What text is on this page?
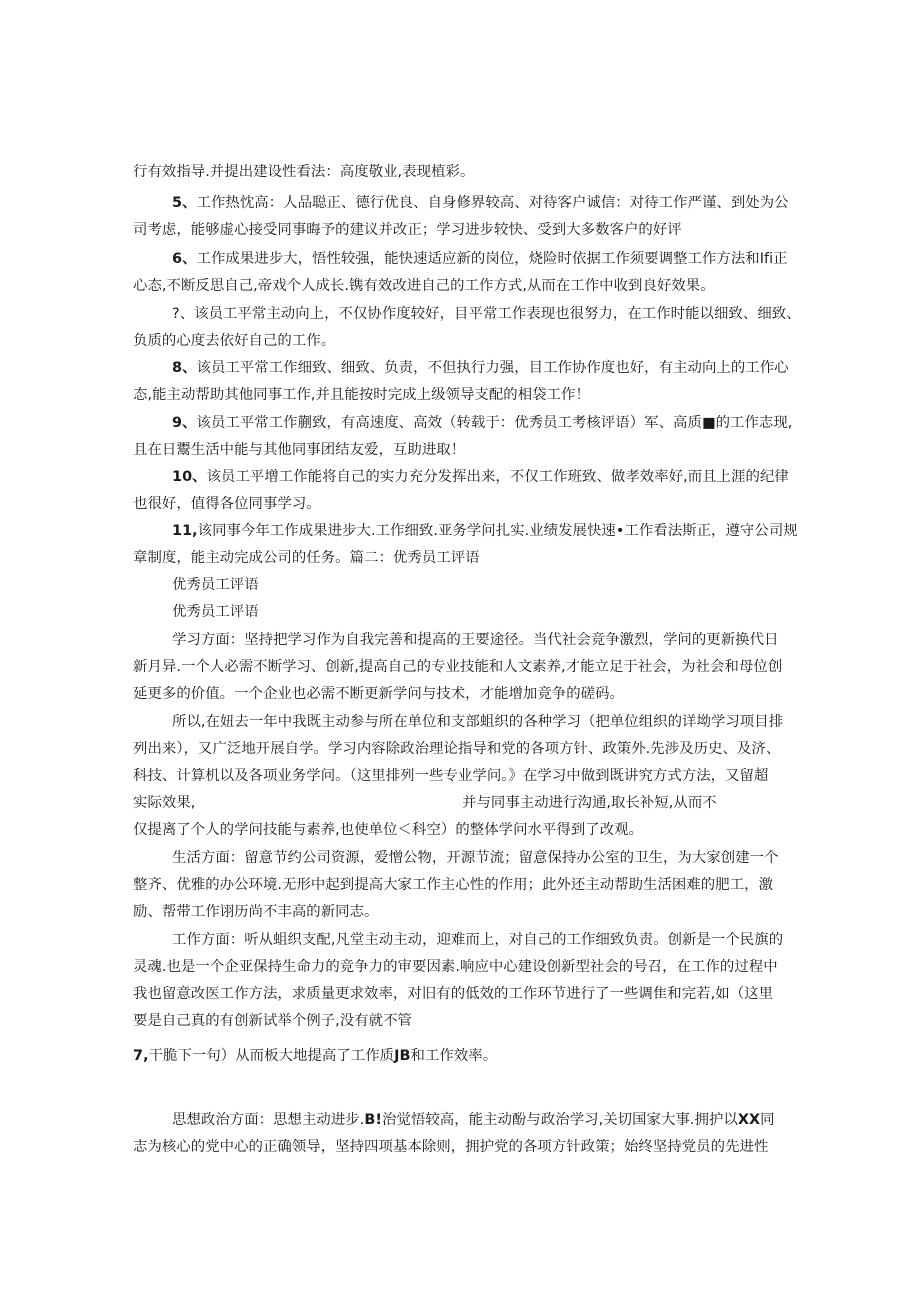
行有效指导.并提出建设性看法：高度敬业,表现植彩。
5、工作热忱高：人品聪正、德行优良、自身修界较高、对待客户诚信：对待工作严谨、到处为公
司考虑，能够虚心接受同事晦予的建议并改正；学习进步较快、受到大多数客户的好评
6、工作成果进步大，悟性较强，能快速适应新的岗位，烧险时依据工作须要调整工作方法和Ifi正
心态,不断反思自己,帝戏个人成长.镌有效改进自己的工作方式,从而在工作中收到良好效果。
?、该员工平常主动向上，不仅协作度较好，目平常工作表现也很努力，在工作时能以细致、细致、
负质的心度去依好自己的工作。
8、该员工平常工作细致、细致、负责，不但执行力强，目工作协作度也好，有主动向上的工作心
态,能主动帮助其他同事工作,并且能按时完成上级领导支配的相袋工作！
9、该员工平常工作蒯致，有高速度、高效（转载于：优秀员工考核评语）军、高质■的工作志现,
且在日鬻生活中能与其他同事团结友爱，互助进取！
10、该员工平增工作能将自己的实力充分发挥出来，不仅工作班致、做孝效率好,而且上涯的纪律
也很好，值得各位同事学习。
11,该同事今年工作成果进步大.工作细致.亚务学问扎实.业绩发展快速•工作看法斯正，遵守公司规
章制度，能主动完成公司的任务。篇二：优秀员工评语
优秀员工评语
优秀员工评语
学习方面：坚持把学习作为自我完善和提高的王要途径。当代社会竞争激烈，学问的更新换代日
新月异.一个人必需不断学习、创新,提高自己的专业技能和人文素养,才能立足于社会，为社会和母位创
延更多的价值。一个企业也必需不断更新学问与技术，才能增加竞争的磋码。
所以,在妞去一年中我既主动参与所在单位和支部蛆织的各种学习（把单位组织的详坳学习项目排
列出来），又广泛地开展自学。学习内容除政治理论指导和党的各项方针、政策外.先涉及历史、及济、
科技、计算机以及各项业务学问。（这里排列一些专业学问。》在学习中做到既讲究方式方法，又留超
实际效果,	并与同事主动进行沟通,取长补短,从而不
仅提离了个人的学问技能与素养,也使单位＜科空）的整体学问水平得到了改观。
生活方面：留意节约公司资源，爱憎公物，开源节流；留意保持办公室的卫生，为大家创建一个
整齐、优雅的办公环境.无形中起到提高大家工作主心性的作用；此外还主动帮助生活困难的肥工，激
励、帮带工作诩历尚不丰高的新同志。
工作方面：听从蛆织支配,凡堂主动主动，迎难而上，对自己的工作细致负责。创新是一个民旗的
灵魂.也是一个企亚保持生命力的竞争力的审要因素.响应中心建设创新型社会的号召，在工作的过程中
我也留意改医工作方法，求质量更求效率，对旧有的低效的工作环节进行了一些调隹和完若,如（这里
要是自己真的有创新试举个例子,没有就不管
7,干脆下一句）从而板大地提高了工作质JB和工作效率。
思想政治方面：思想主动进步.B!治觉悟较高，能主动酚与政治学习,关切国家大事.拥护以XX同
志为核心的党中心的正确领导，坚持四项基本除则，拥护党的各项方针政策；始终坚持党员的先进性
